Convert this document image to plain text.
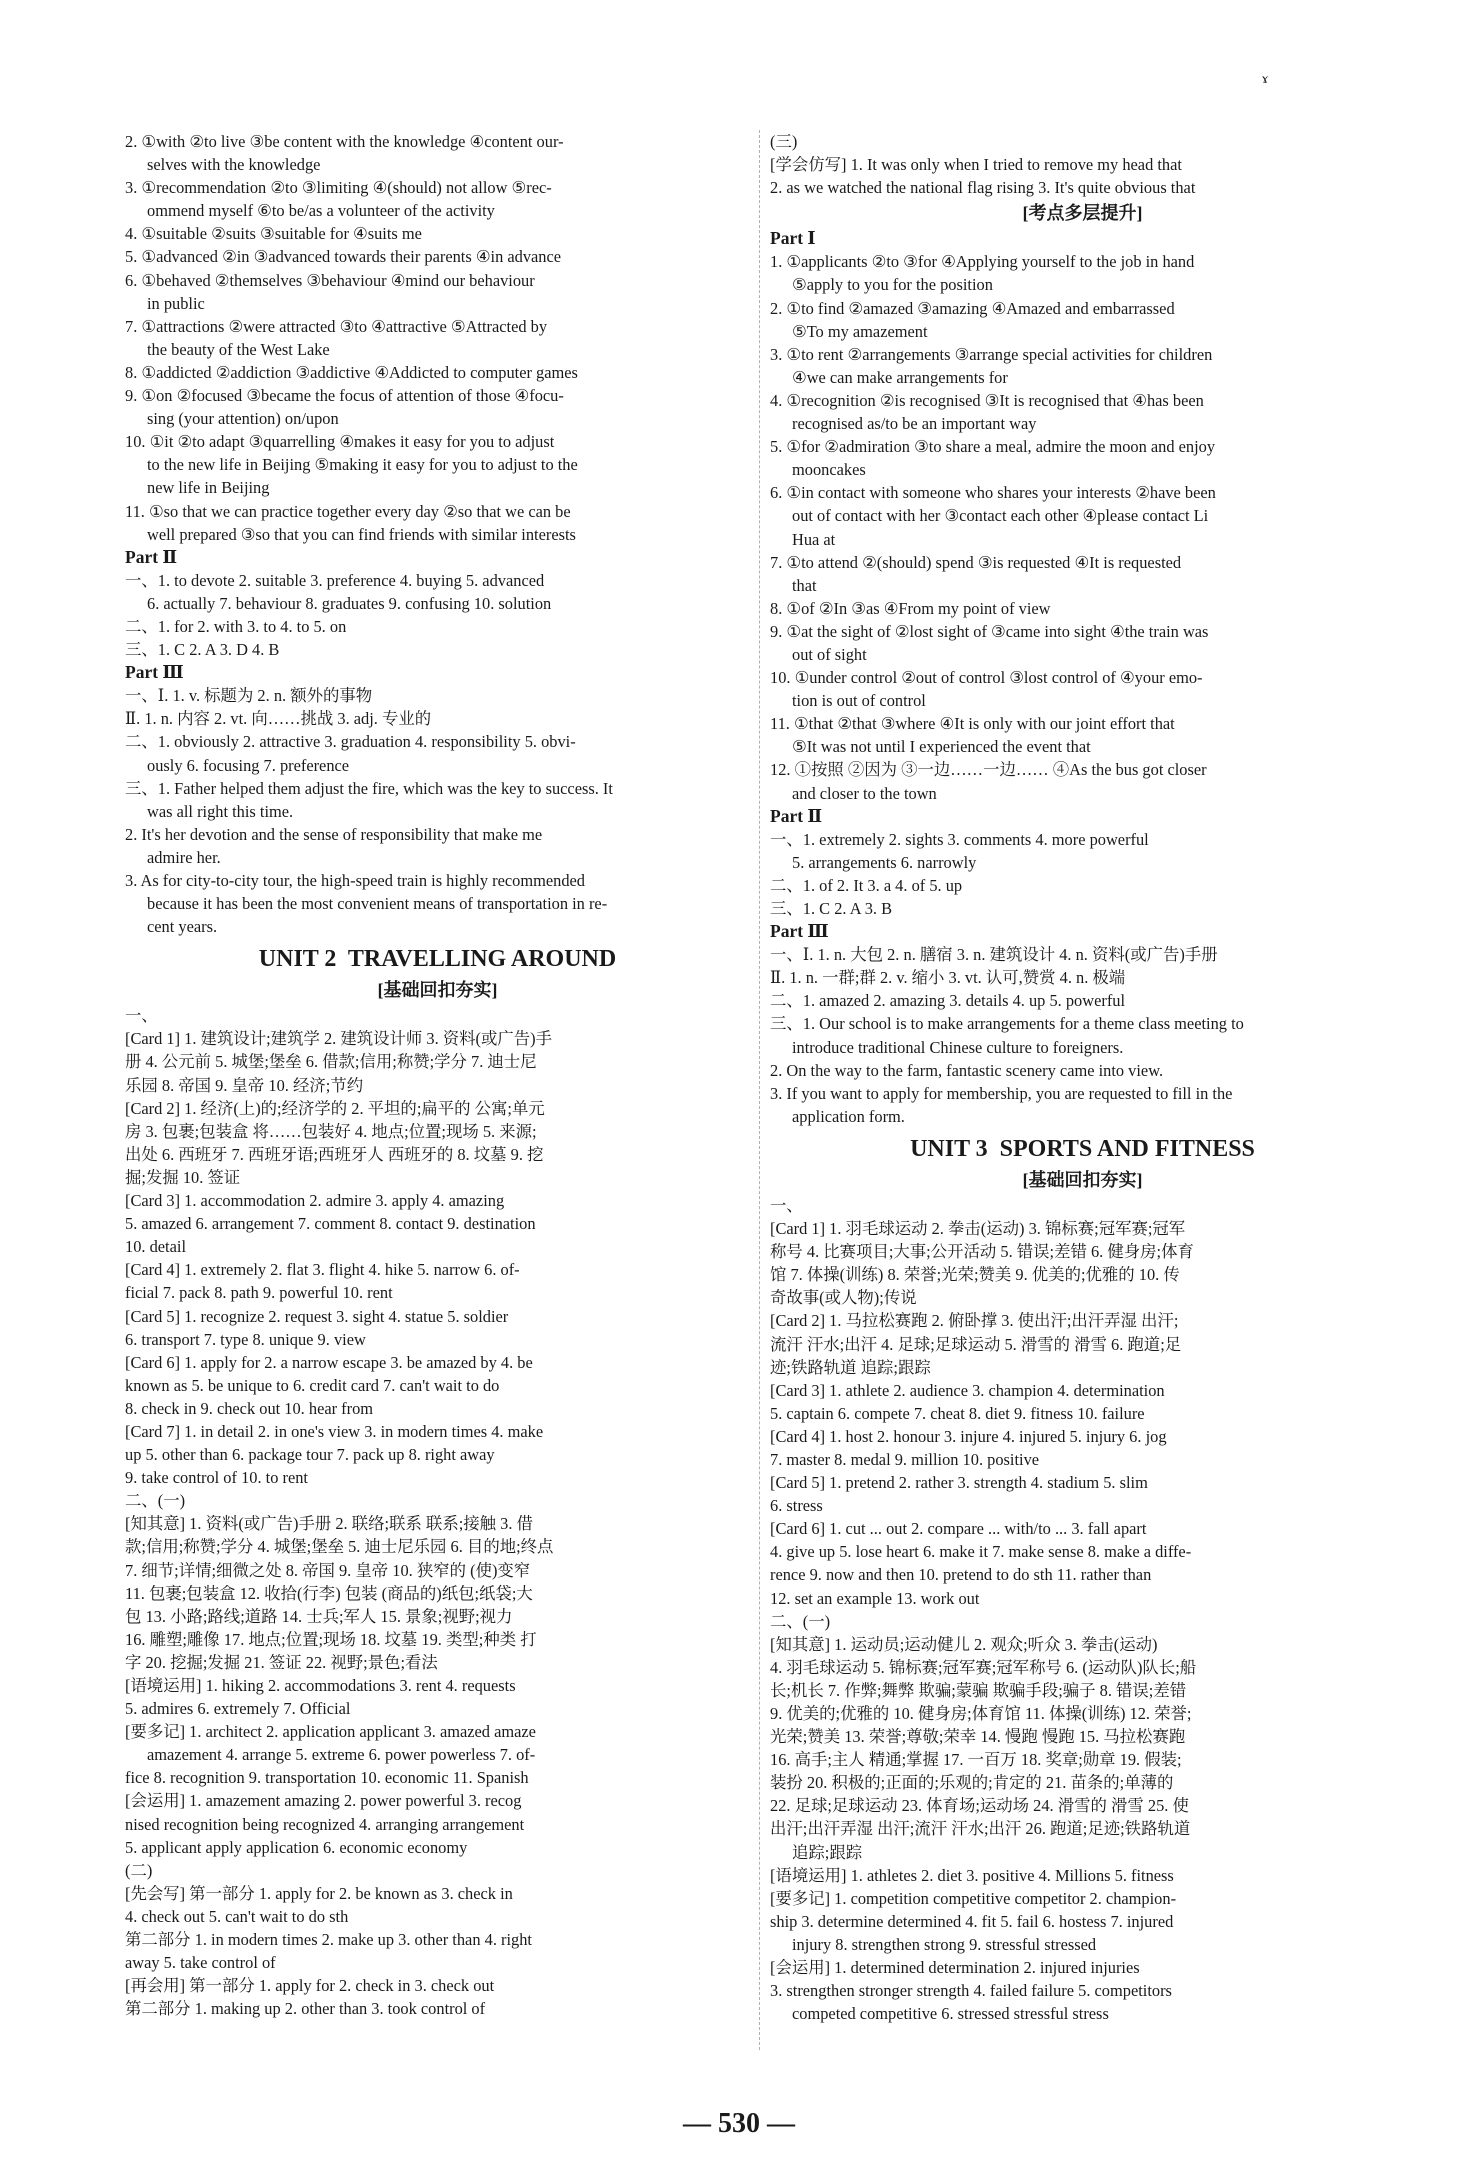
ɤ
2. ①with ②to live ③be content with the knowledge ④content our-
selves with the knowledge
3. ①recommendation ②to ③limiting ④(should) not allow ⑤rec-
ommend myself ⑥to be/as a volunteer of the activity
4. ①suitable ②suits ③suitable for ④suits me
5. ①advanced ②in ③advanced towards their parents ④in advance
6. ①behaved ②themselves ③behaviour ④mind our behaviour
in public
7. ①attractions ②were attracted ③to ④attractive ⑤Attracted by
the beauty of the West Lake
8. ①addicted ②addiction ③addictive ④Addicted to computer games
9. ①on ②focused ③became the focus of attention of those ④focu-
sing (your attention) on/upon
10. ①it ②to adapt ③quarrelling ④makes it easy for you to adjust
to the new life in Beijing ⑤making it easy for you to adjust to the
new life in Beijing
11. ①so that we can practice together every day ②so that we can be
well prepared ③so that you can find friends with similar interests
Part Ⅱ
一、1. to devote 2. suitable 3. preference 4. buying 5. advanced
6. actually 7. behaviour 8. graduates 9. confusing 10. solution
二、1. for 2. with 3. to 4. to 5. on
三、1. C 2. A 3. D 4. B
Part Ⅲ
一、Ⅰ. 1. v. 标题为 2. n. 额外的事物
Ⅱ. 1. n. 内容 2. vt. 向……挑战 3. adj. 专业的
二、1. obviously 2. attractive 3. graduation 4. responsibility 5. obvi-
ously 6. focusing 7. preference
三、1. Father helped them adjust the fire, which was the key to success. It
was all right this time.
2. It's her devotion and the sense of responsibility that make me
admire her.
3. As for city-to-city tour, the high-speed train is highly recommended
because it has been the most convenient means of transportation in re-
cent years.
UNIT 2  TRAVELLING AROUND
[基础回扣夯实]
一、
[Card 1] 1. 建筑设计;建筑学 2. 建筑设计师 3. 资料(或广告)手
册 4. 公元前 5. 城堡;堡垒 6. 借款;信用;称赞;学分 7. 迪士尼
乐园 8. 帝国 9. 皇帝 10. 经济;节约
[Card 2] 1. 经济(上)的;经济学的 2. 平坦的;扁平的 公寓;单元
房 3. 包裹;包装盒 将……包装好 4. 地点;位置;现场 5. 来源;
出处 6. 西班牙 7. 西班牙语;西班牙人 西班牙的 8. 坟墓 9. 挖
掘;发掘 10. 签证
[Card 3] 1. accommodation 2. admire 3. apply 4. amazing
5. amazed 6. arrangement 7. comment 8. contact 9. destination
10. detail
[Card 4] 1. extremely 2. flat 3. flight 4. hike 5. narrow 6. of-
ficial 7. pack 8. path 9. powerful 10. rent
[Card 5] 1. recognize 2. request 3. sight 4. statue 5. soldier
6. transport 7. type 8. unique 9. view
[Card 6] 1. apply for 2. a narrow escape 3. be amazed by 4. be
known as 5. be unique to 6. credit card 7. can't wait to do
8. check in 9. check out 10. hear from
[Card 7] 1. in detail 2. in one's view 3. in modern times 4. make
up 5. other than 6. package tour 7. pack up 8. right away
9. take control of 10. to rent
二、(一)
[知其意] 1. 资料(或广告)手册 2. 联络;联系 联系;接触 3. 借
款;信用;称赞;学分 4. 城堡;堡垒 5. 迪士尼乐园 6. 目的地;终点
7. 细节;详情;细微之处 8. 帝国 9. 皇帝 10. 狭窄的 (使)变窄
11. 包裹;包装盒 12. 收拾(行李) 包装 (商品的)纸包;纸袋;大
包 13. 小路;路线;道路 14. 士兵;军人 15. 景象;视野;视力
16. 雕塑;雕像 17. 地点;位置;现场 18. 坟墓 19. 类型;种类 打
字 20. 挖掘;发掘 21. 签证 22. 视野;景色;看法
[语境运用] 1. hiking 2. accommodations 3. rent 4. requests
5. admires 6. extremely 7. Official
[要多记] 1. architect 2. application applicant 3. amazed amaze
amazement 4. arrange 5. extreme 6. power powerless 7. of-
fice 8. recognition 9. transportation 10. economic 11. Spanish
[会运用] 1. amazement amazing 2. power powerful 3. recog
nised recognition being recognized 4. arranging arrangement
5. applicant apply application 6. economic economy
(二)
[先会写] 第一部分 1. apply for 2. be known as 3. check in
4. check out 5. can't wait to do sth
第二部分 1. in modern times 2. make up 3. other than 4. right
away 5. take control of
[再会用] 第一部分 1. apply for 2. check in 3. check out
第二部分 1. making up 2. other than 3. took control of
(三)
[学会仿写] 1. It was only when I tried to remove my head that
2. as we watched the national flag rising 3. It's quite obvious that
[考点多层提升]
Part Ⅰ
1. ①applicants ②to ③for ④Applying yourself to the job in hand
⑤apply to you for the position
2. ①to find ②amazed ③amazing ④Amazed and embarrassed
⑤To my amazement
3. ①to rent ②arrangements ③arrange special activities for children
④we can make arrangements for
4. ①recognition ②is recognised ③It is recognised that ④has been
recognised as/to be an important way
5. ①for ②admiration ③to share a meal, admire the moon and enjoy
mooncakes
6. ①in contact with someone who shares your interests ②have been
out of contact with her ③contact each other ④please contact Li
Hua at
7. ①to attend ②(should) spend ③is requested ④It is requested
that
8. ①of ②In ③as ④From my point of view
9. ①at the sight of ②lost sight of ③came into sight ④the train was
out of sight
10. ①under control ②out of control ③lost control of ④your emo-
tion is out of control
11. ①that ②that ③where ④It is only with our joint effort that
⑤It was not until I experienced the event that
12. ①按照 ②因为 ③一边……一边…… ④As the bus got closer
and closer to the town
Part Ⅱ
一、1. extremely 2. sights 3. comments 4. more powerful
5. arrangements 6. narrowly
二、1. of 2. It 3. a 4. of 5. up
三、1. C 2. A 3. B
Part Ⅲ
一、Ⅰ. 1. n. 大包 2. n. 膳宿 3. n. 建筑设计 4. n. 资料(或广告)手册
Ⅱ. 1. n. 一群;群 2. v. 缩小 3. vt. 认可,赞赏 4. n. 极端
二、1. amazed 2. amazing 3. details 4. up 5. powerful
三、1. Our school is to make arrangements for a theme class meeting to
introduce traditional Chinese culture to foreigners.
2. On the way to the farm, fantastic scenery came into view.
3. If you want to apply for membership, you are requested to fill in the
application form.
UNIT 3  SPORTS AND FITNESS
[基础回扣夯实]
一、
[Card 1] 1. 羽毛球运动 2. 拳击(运动) 3. 锦标赛;冠军赛;冠军
称号 4. 比赛项目;大事;公开活动 5. 错误;差错 6. 健身房;体育
馆 7. 体操(训练) 8. 荣誉;光荣;赞美 9. 优美的;优雅的 10. 传
奇故事(或人物);传说
[Card 2] 1. 马拉松赛跑 2. 俯卧撑 3. 使出汗;出汗弄湿 出汗;
流汗 汗水;出汗 4. 足球;足球运动 5. 滑雪的 滑雪 6. 跑道;足
迹;铁路轨道 追踪;跟踪
[Card 3] 1. athlete 2. audience 3. champion 4. determination
5. captain 6. compete 7. cheat 8. diet 9. fitness 10. failure
[Card 4] 1. host 2. honour 3. injure 4. injured 5. injury 6. jog
7. master 8. medal 9. million 10. positive
[Card 5] 1. pretend 2. rather 3. strength 4. stadium 5. slim
6. stress
[Card 6] 1. cut ... out 2. compare ... with/to ... 3. fall apart
4. give up 5. lose heart 6. make it 7. make sense 8. make a diffe-
rence 9. now and then 10. pretend to do sth 11. rather than
12. set an example 13. work out
二、(一)
[知其意] 1. 运动员;运动健儿 2. 观众;听众 3. 拳击(运动)
4. 羽毛球运动 5. 锦标赛;冠军赛;冠军称号 6. (运动队)队长;船
长;机长 7. 作弊;舞弊 欺骗;蒙骗 欺骗手段;骗子 8. 错误;差错
9. 优美的;优雅的 10. 健身房;体育馆 11. 体操(训练) 12. 荣誉;
光荣;赞美 13. 荣誉;尊敬;荣幸 14. 慢跑 慢跑 15. 马拉松赛跑
16. 高手;主人 精通;掌握 17. 一百万 18. 奖章;勋章 19. 假装;
装扮 20. 积极的;正面的;乐观的;肯定的 21. 苗条的;单薄的
22. 足球;足球运动 23. 体育场;运动场 24. 滑雪的 滑雪 25. 使
出汗;出汗弄湿 出汗;流汗 汗水;出汗 26. 跑道;足迹;铁路轨道
追踪;跟踪
[语境运用] 1. athletes 2. diet 3. positive 4. Millions 5. fitness
[要多记] 1. competition competitive competitor 2. champion-
ship 3. determine determined 4. fit 5. fail 6. hostess 7. injured
injury 8. strengthen strong 9. stressful stressed
[会运用] 1. determined determination 2. injured injuries
3. strengthen stronger strength 4. failed failure 5. competitors
competed competitive 6. stressed stressful stress
— 530 —
